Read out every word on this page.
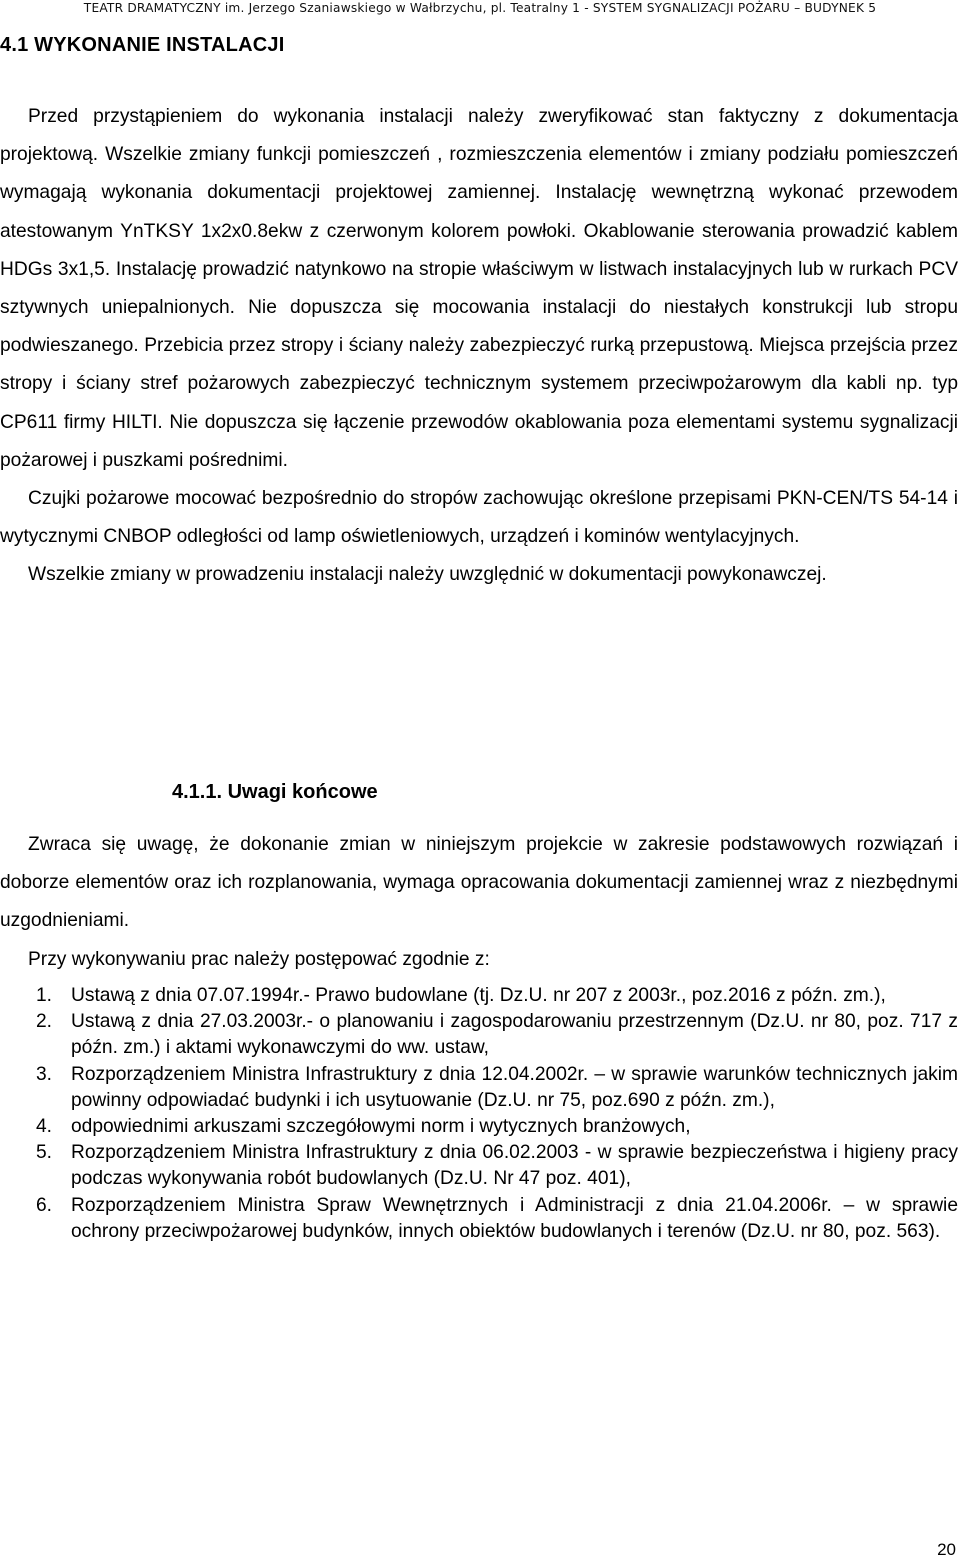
TEATR DRAMATYCZNY im. Jerzego Szaniawskiego w Wałbrzychu, pl. Teatralny 1 - SYSTEM SYGNALIZACJI POŻARU – BUDYNEK 5
4.1 WYKONANIE INSTALACJI

Przed przystąpieniem do wykonania instalacji należy zweryfikować stan faktyczny z dokumentacja projektową. Wszelkie zmiany funkcji pomieszczeń , rozmieszczenia elementów i zmiany podziału pomieszczeń wymagają wykonania dokumentacji projektowej zamiennej. Instalację wewnętrzną wykonać przewodem atestowanym YnTKSY 1x2x0.8ekw z czerwonym kolorem powłoki. Okablowanie sterowania prowadzić kablem HDGs 3x1,5. Instalację prowadzić natynkowo na stropie właściwym w listwach instalacyjnych lub w rurkach PCV sztywnych uniepalnionych. Nie dopuszcza się mocowania instalacji do niestałych konstrukcji lub stropu podwieszanego. Przebicia przez stropy i ściany należy zabezpieczyć rurką przepustową. Miejsca przejścia przez stropy i ściany stref pożarowych zabezpieczyć technicznym systemem przeciwpożarowym dla kabli np. typ CP611 firmy HILTI. Nie dopuszcza się łączenie przewodów okablowania poza elementami systemu sygnalizacji pożarowej i puszkami pośrednimi.

Czujki pożarowe mocować bezpośrednio do stropów zachowując określone przepisami PKN-CEN/TS 54-14 i wytycznymi CNBOP odległości od lamp oświetleniowych, urządzeń i kominów wentylacyjnych.

Wszelkie zmiany w prowadzeniu instalacji należy uwzględnić w dokumentacji powykonawczej.

4.1.1. Uwagi końcowe

Zwraca się uwagę, że dokonanie zmian w niniejszym projekcie w zakresie podstawowych rozwiązań i doborze elementów oraz ich rozplanowania, wymaga opracowania dokumentacji zamiennej wraz z niezbędnymi uzgodnieniami.

Przy wykonywaniu prac należy postępować zgodnie z:

1. Ustawą z dnia 07.07.1994r.- Prawo budowlane (tj. Dz.U. nr 207 z 2003r., poz.2016 z późn. zm.),
2. Ustawą z dnia 27.03.2003r.- o planowaniu i zagospodarowaniu przestrzennym (Dz.U. nr 80, poz. 717 z późn. zm.) i aktami wykonawczymi do ww. ustaw,
3. Rozporządzeniem Ministra Infrastruktury z dnia 12.04.2002r. – w sprawie warunków technicznych jakim powinny odpowiadać budynki i ich usytuowanie (Dz.U. nr 75, poz.690 z późn. zm.),
4. odpowiednimi arkuszami szczegółowymi norm i wytycznych branżowych,
5. Rozporządzeniem Ministra Infrastruktury z dnia 06.02.2003 - w sprawie bezpieczeństwa i higieny pracy podczas wykonywania robót budowlanych (Dz.U. Nr 47 poz. 401),
6. Rozporządzeniem Ministra Spraw Wewnętrznych i Administracji z dnia 21.04.2006r. – w sprawie ochrony przeciwpożarowej budynków, innych obiektów budowlanych i terenów (Dz.U. nr 80, poz. 563).
20
